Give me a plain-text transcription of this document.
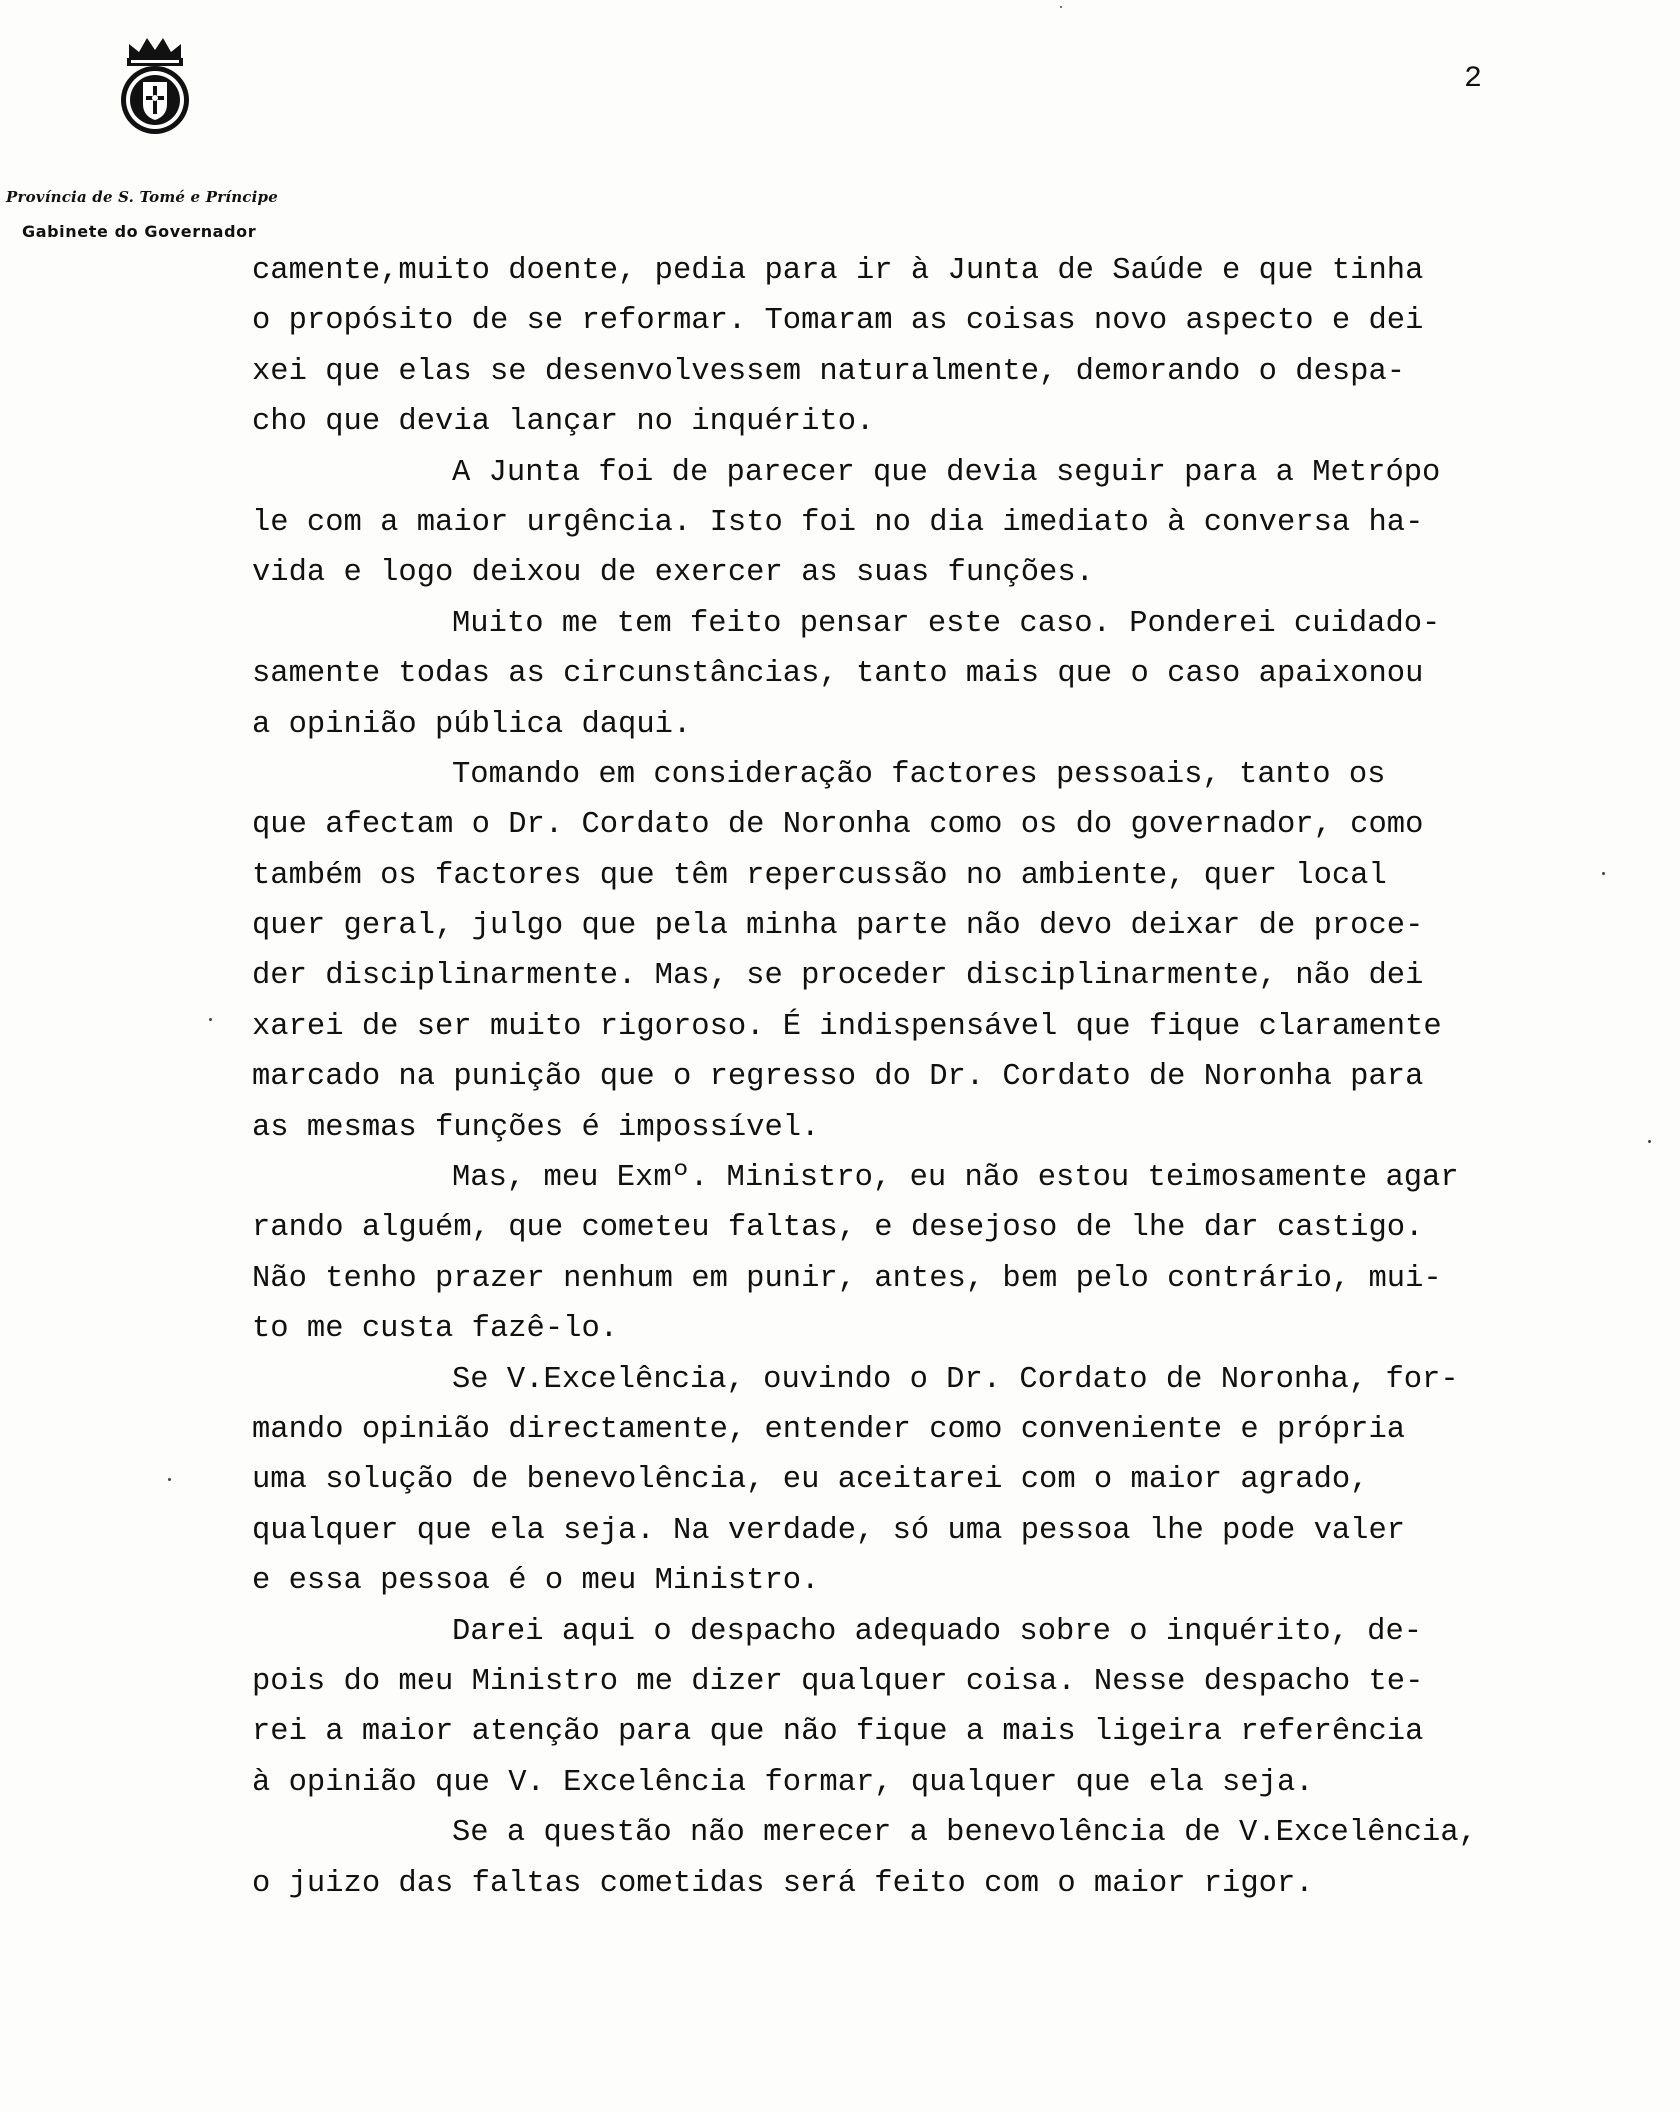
Província de S. Tomé e Príncipe
Gabinete do Governador
2
camente,muito doente, pedia para ir à Junta de Saúde e que tinha
o propósito de se reformar. Tomaram as coisas novo aspecto e dei
xei que elas se desenvolvessem naturalmente, demorando o despa-
cho que devia lançar no inquérito.
A Junta foi de parecer que devia seguir para a Metrópo
le com a maior urgência. Isto foi no dia imediato à conversa ha-
vida e logo deixou de exercer as suas funções.
Muito me tem feito pensar este caso. Ponderei cuidado-
samente todas as circunstâncias, tanto mais que o caso apaixonou
a opinião pública daqui.
Tomando em consideração factores pessoais, tanto os
que afectam o Dr. Cordato de Noronha como os do governador, como
também os factores que têm repercussão no ambiente, quer local
quer geral, julgo que pela minha parte não devo deixar de proce-
der disciplinarmente. Mas, se proceder disciplinarmente, não dei
xarei de ser muito rigoroso. É indispensável que fique claramente
marcado na punição que o regresso do Dr. Cordato de Noronha para
as mesmas funções é impossível.
Mas, meu Exmº. Ministro, eu não estou teimosamente agar
rando alguém, que cometeu faltas, e desejoso de lhe dar castigo.
Não tenho prazer nenhum em punir, antes, bem pelo contrário, mui-
to me custa fazê-lo.
Se V.Excelência, ouvindo o Dr. Cordato de Noronha, for-
mando opinião directamente, entender como conveniente e própria
uma solução de benevolência, eu aceitarei com o maior agrado,
qualquer que ela seja. Na verdade, só uma pessoa lhe pode valer
e essa pessoa é o meu Ministro.
Darei aqui o despacho adequado sobre o inquérito, de-
pois do meu Ministro me dizer qualquer coisa. Nesse despacho te-
rei a maior atenção para que não fique a mais ligeira referência
à opinião que V. Excelência formar, qualquer que ela seja.
Se a questão não merecer a benevolência de V.Excelência,
o juizo das faltas cometidas será feito com o maior rigor.
